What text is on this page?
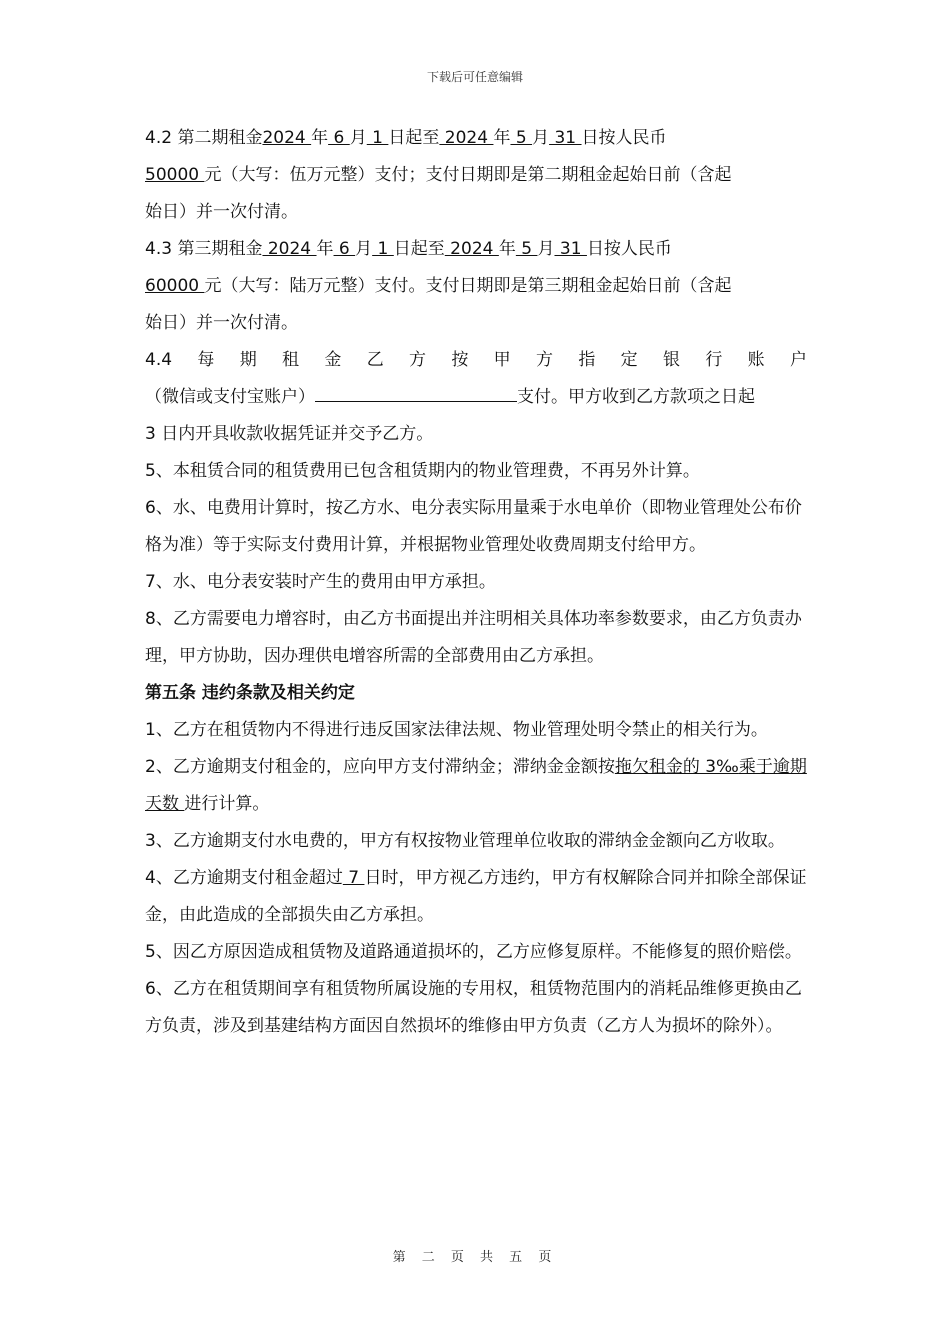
下载后可任意编辑

4.2 第二期租金2024 年 6 月 1 日起至 2024 年 5 月 31 日按人民币

50000 元（大写：伍万元整）支付；支付日期即是第二期租金起始日前（含起

始日）并一次付清。

4.3 第三期租金 2024 年 6 月 1 日起至 2024 年 5 月 31 日按人民币

60000 元（大写：陆万元整）支付。支付日期即是第三期租金起始日前（含起

始日）并一次付清。

4.4 每 期 租 金 乙 方 按 甲 方 指 定 银 行 账 户

（微信或支付宝账户）	支付。甲方收到乙方款项之日起

3 日内开具收款收据凭证并交予乙方。

5、本租赁合同的租赁费用已包含租赁期内的物业管理费，不再另外计算。

6、水、电费用计算时，按乙方水、电分表实际用量乘于水电单价（即物业管理处公布价格为准）等于实际支付费用计算，并根据物业管理处收费周期支付给甲方。

7、水、电分表安装时产生的费用由甲方承担。

8、乙方需要电力增容时，由乙方书面提出并注明相关具体功率参数要求，由乙方负责办理，甲方协助，因办理供电增容所需的全部费用由乙方承担。

第五条 违约条款及相关约定

1、乙方在租赁物内不得进行违反国家法律法规、物业管理处明令禁止的相关行为。

2、乙方逾期支付租金的，应向甲方支付滞纳金；滞纳金金额按拖欠租金的 3‰乘于逾期天数 进行计算。

3、乙方逾期支付水电费的，甲方有权按物业管理单位收取的滞纳金金额向乙方收取。

4、乙方逾期支付租金超过 7 日时，甲方视乙方违约，甲方有权解除合同并扣除全部保证金，由此造成的全部损失由乙方承担。

5、因乙方原因造成租赁物及道路通道损坏的，乙方应修复原样。不能修复的照价赔偿。

6、乙方在租赁期间享有租赁物所属设施的专用权，租赁物范围内的消耗品维修更换由乙方负责，涉及到基建结构方面因自然损坏的维修由甲方负责（乙方人为损坏的除外）。

第 二 页 共 五 页
